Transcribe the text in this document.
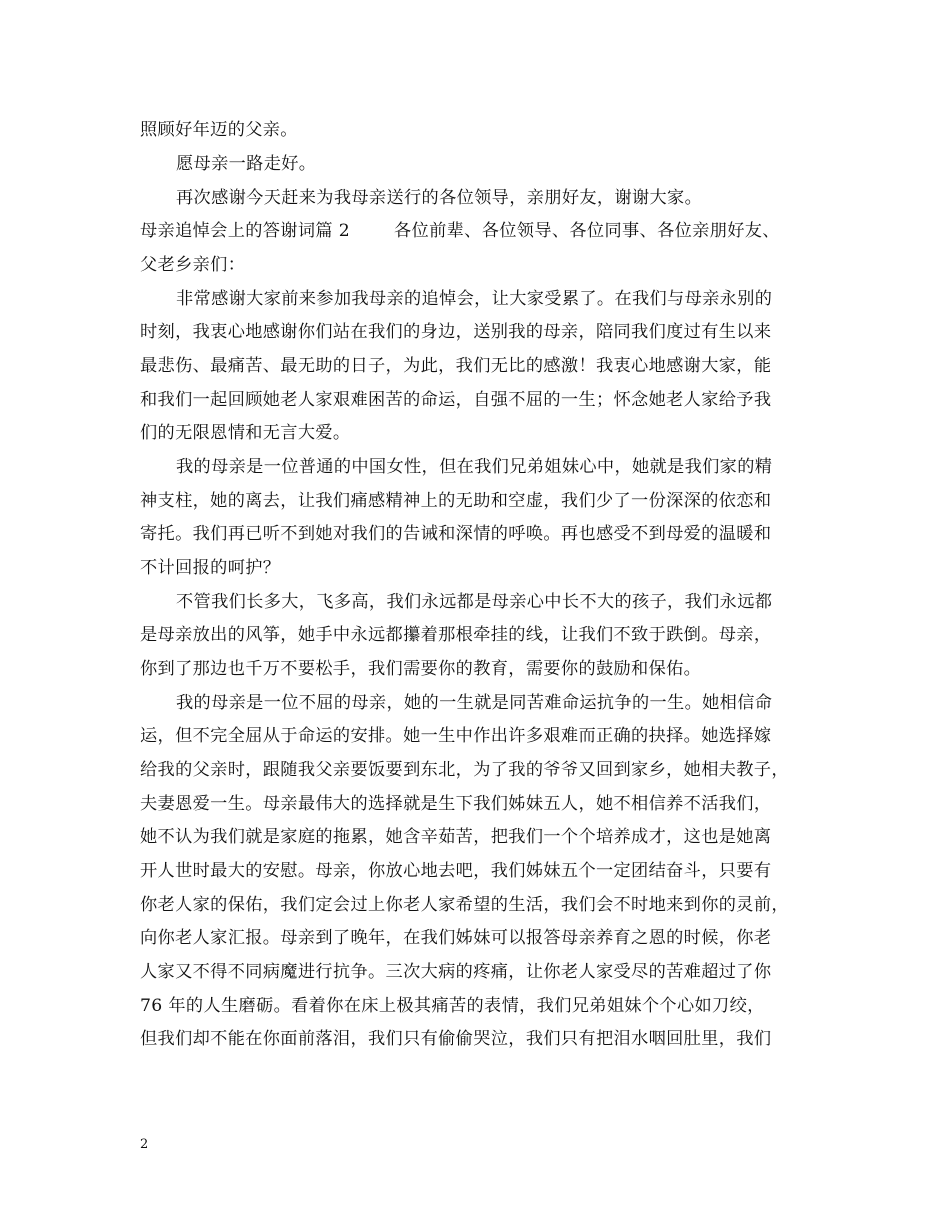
照顾好年迈的父亲。
愿母亲一路走好。
再次感谢今天赶来为我母亲送行的各位领导，亲朋好友，谢谢大家。
母亲追悼会上的答谢词篇 2	各位前辈、各位领导、各位同事、各位亲朋好友、
父老乡亲们：
非常感谢大家前来参加我母亲的追悼会，让大家受累了。在我们与母亲永别的
时刻，我衷心地感谢你们站在我们的身边，送别我的母亲，陪同我们度过有生以来
最悲伤、最痛苦、最无助的日子，为此，我们无比的感激！我衷心地感谢大家，能
和我们一起回顾她老人家艰难困苦的命运，自强不屈的一生；怀念她老人家给予我
们的无限恩情和无言大爱。
我的母亲是一位普通的中国女性，但在我们兄弟姐妹心中，她就是我们家的精
神支柱，她的离去，让我们痛感精神上的无助和空虚，我们少了一份深深的依恋和
寄托。我们再已听不到她对我们的告诫和深情的呼唤。再也感受不到母爱的温暖和
不计回报的呵护？
不管我们长多大，飞多高，我们永远都是母亲心中长不大的孩子，我们永远都
是母亲放出的风筝，她手中永远都攥着那根牵挂的线，让我们不致于跌倒。母亲，
你到了那边也千万不要松手，我们需要你的教育，需要你的鼓励和保佑。
我的母亲是一位不屈的母亲，她的一生就是同苦难命运抗争的一生。她相信命
运，但不完全屈从于命运的安排。她一生中作出许多艰难而正确的抉择。她选择嫁
给我的父亲时，跟随我父亲要饭要到东北，为了我的爷爷又回到家乡，她相夫教子，
夫妻恩爱一生。母亲最伟大的选择就是生下我们姊妹五人，她不相信养不活我们，
她不认为我们就是家庭的拖累，她含辛茹苦，把我们一个个培养成才，这也是她离
开人世时最大的安慰。母亲，你放心地去吧，我们姊妹五个一定团结奋斗，只要有
你老人家的保佑，我们定会过上你老人家希望的生活，我们会不时地来到你的灵前，
向你老人家汇报。母亲到了晚年，在我们姊妹可以报答母亲养育之恩的时候，你老
人家又不得不同病魔进行抗争。三次大病的疼痛，让你老人家受尽的苦难超过了你
76 年的人生磨砺。看着你在床上极其痛苦的表情，我们兄弟姐妹个个心如刀绞，
但我们却不能在你面前落泪，我们只有偷偷哭泣，我们只有把泪水咽回肚里，我们
2
